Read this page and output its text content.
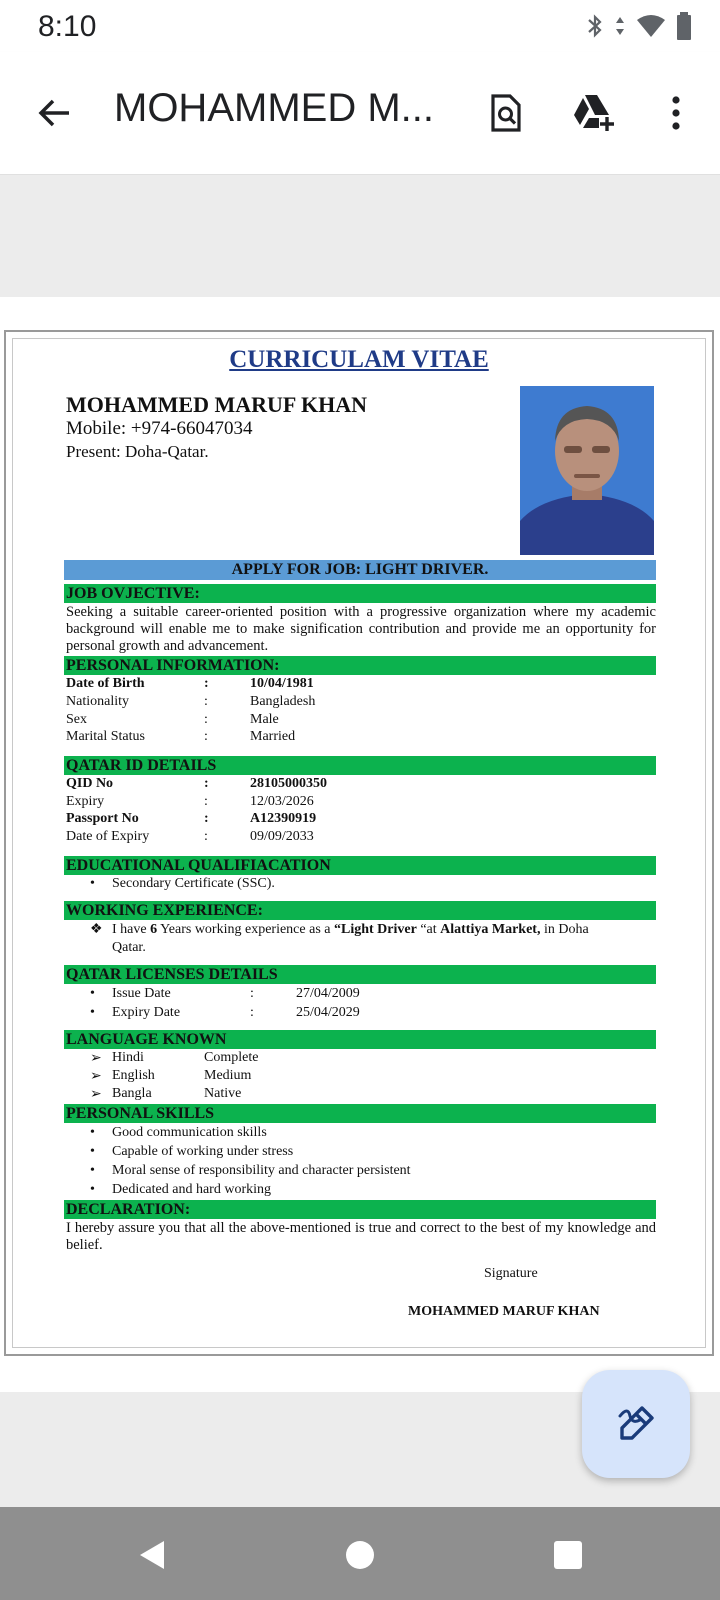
8:10
MOHAMMED M...
CURRICULAM VITAE
MOHAMMED MARUF KHAN
Mobile: +974-66047034
Present: Doha-Qatar.
APPLY FOR JOB: LIGHT DRIVER.
JOB OVJECTIVE:
Seeking a suitable career-oriented position with a progressive organization where my academic background will enable me to make signification contribution and provide me an opportunity for personal growth and advancement.
PERSONAL INFORMATION:
Date of Birth	:	10/04/1981
Nationality	:	Bangladesh
Sex	:	Male
Marital Status	:	Married
QATAR ID DETAILS
QID No	:	28105000350
Expiry	:	12/03/2026
Passport No	:	A12390919
Date of Expiry	:	09/09/2033
EDUCATIONAL QUALIFIACATION
• Secondary Certificate (SSC).
WORKING EXPERIENCE:
❖ I have 6 Years working experience as a “Light Driver “at Alattiya Market, in Doha
Qatar.
QATAR LICENSES DETAILS
• Issue Date	:	27/04/2009
• Expiry Date	:	25/04/2029
LANGUAGE KNOWN
➢ Hindi	Complete
➢ English	Medium
➢ Bangla	Native
PERSONAL SKILLS
• Good communication skills
• Capable of working under stress
• Moral sense of responsibility and character persistent
• Dedicated and hard working
DECLARATION:
I hereby assure you that all the above-mentioned is true and correct to the best of my knowledge and belief.
Signature
MOHAMMED MARUF KHAN
